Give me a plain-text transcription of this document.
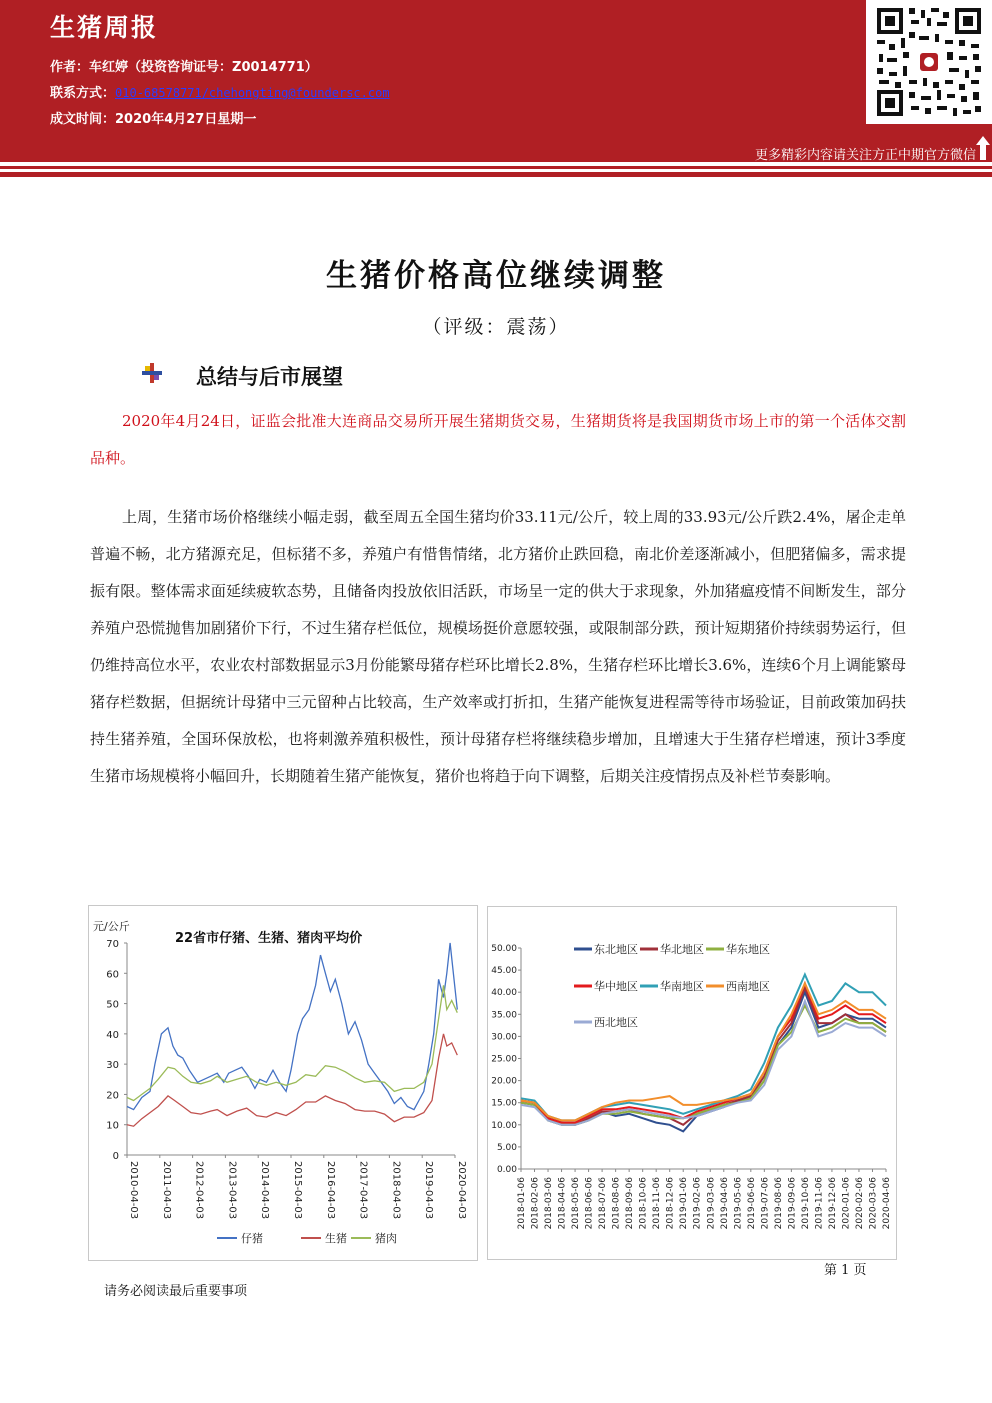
生猪周报
作者：车红婷（投资咨询证号：Z0014771）
联系方式：010-68578771/chehongting@foundersc.com
成文时间：2020年4月27日星期一
更多精彩内容请关注方正中期官方微信
生猪价格高位继续调整
（评级：震荡）
总结与后市展望
2020年4月24日，证监会批准大连商品交易所开展生猪期货交易，生猪期货将是我国期货市场上市的第一个活体交割品种。
上周，生猪市场价格继续小幅走弱，截至周五全国生猪均价33.11元/公斤，较上周的33.93元/公斤跌2.4%，屠企走单普遍不畅，北方猪源充足，但标猪不多，养殖户有惜售情绪，北方猪价止跌回稳，南北价差逐渐减小，但肥猪偏多，需求提振有限。整体需求面延续疲软态势，且储备肉投放依旧活跃，市场呈一定的供大于求现象，外加猪瘟疫情不间断发生，部分养殖户恐慌抛售加剧猪价下行，不过生猪存栏低位，规模场挺价意愿较强，或限制部分跌，预计短期猪价持续弱势运行，但仍维持高位水平，农业农村部数据显示3月份能繁母猪存栏环比增长2.8%，生猪存栏环比增长3.6%，连续6个月上调能繁母猪存栏数据，但据统计母猪中三元留种占比较高，生产效率或打折扣，生猪产能恢复进程需等待市场验证，目前政策加码扶持生猪养殖，全国环保放松，也将刺激养殖积极性，预计母猪存栏将继续稳步增加，且增速大于生猪存栏增速，预计3季度生猪市场规模将小幅回升，长期随着生猪产能恢复，猪价也将趋于向下调整，后期关注疫情拐点及补栏节奏影响。
元/公斤
22省市仔猪、生猪、猪肉平均价
0
10
20
30
40
50
60
70
2010-04-03 2011-04-03 2012-04-03 2013-04-03 2014-04-03 2015-04-03 2016-04-03 2017-04-03 2018-04-03 2019-04-03 2020-04-03
仔猪	生猪	猪肉
0.00
5.00
10.00
15.00
20.00
25.00
30.00
35.00
40.00
45.00
50.00
2018-01-06 2018-02-06 2018-03-06 2018-04-06 2018-05-06 2018-06-06 2018-07-06 2018-08-06 2018-09-06 2018-10-06 2018-11-06 2018-12-06 2019-01-06 2019-02-06 2019-03-06 2019-04-06 2019-05-06 2019-06-06 2019-07-06 2019-08-06 2019-09-06 2019-10-06 2019-11-06 2019-12-06 2020-01-06 2020-02-06 2020-03-06 2020-04-06
东北地区 华北地区 华东地区
华中地区 华南地区 西南地区
西北地区
第 1 页
请务必阅读最后重要事项
